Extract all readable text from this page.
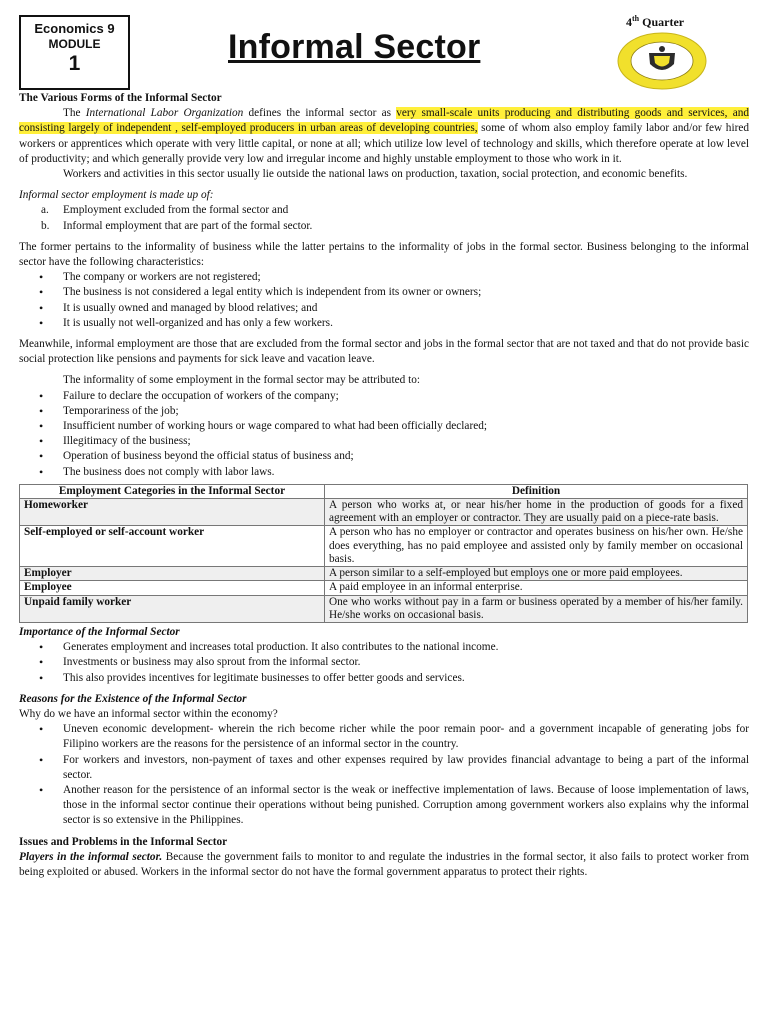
Economics 9
MODULE
1	Informal Sector
4th Quarter

The Various Forms of the Informal Sector

The International Labor Organization defines the informal sector as very small-scale units producing and distributing goods and services, and consisting largely of independent , self-employed producers in urban areas of developing countries, some of whom also employ family labor and/or few hired workers or apprentices which operate with very little capital, or none at all; which utilize low level of technology and skills, which therefore operate at low level of productivity; and which generally provide very low and irregular income and highly unstable employment to those who work in it.

Workers and activities in this sector usually lie outside the national laws on production, taxation, social protection, and economic benefits.

Informal sector employment is made up of:

a. Employment excluded from the formal sector and
b. Informal employment that are part of the formal sector.

The former pertains to the informality of business while the latter pertains to the informality of jobs in the formal sector. Business belonging to the informal sector have the following characteristics:

• The company or workers are not registered;
• The business is not considered a legal entity which is independent from its owner or owners;
• It is usually owned and managed by blood relatives; and
• It is usually not well-organized and has only a few workers.

Meanwhile, informal employment are those that are excluded from the formal sector and jobs in the formal sector that are not taxed and that do not provide basic social protection like pensions and payments for sick leave and vacation leave.

The informality of some employment in the formal sector may be attributed to:

• Failure to declare the occupation of workers of the company;
• Temporariness of the job;
• Insufficient number of working hours or wage compared to what had been officially declared;
• Illegitimacy of the business;
• Operation of business beyond the official status of business and;
• The business does not comply with labor laws.
Employment Categories in the Informal Sector	Definition
Homeworker	A person who works at, or near his/her home in the production of goods for a fixed agreement with an employer or contractor. They are usually paid on a piece-rate basis.
Self-employed or self-account worker	A person who has no employer or contractor and operates business on his/her own. He/she does everything, has no paid employee and assisted only by family member on occasional basis.
Employer	A person similar to a self-employed but employs one or more paid employees.
Employee	A paid employee in an informal enterprise.
Unpaid family worker	One who works without pay in a farm or business operated by a member of his/her family. He/she works on occasional basis.

Importance of the Informal Sector

• Generates employment and increases total production. It also contributes to the national income.
• Investments or business may also sprout from the informal sector.
• This also provides incentives for legitimate businesses to offer better goods and services.

Reasons for the Existence of the Informal Sector

Why do we have an informal sector within the economy?

• Uneven economic development- wherein the rich become richer while the poor remain poor- and a government incapable of generating jobs for Filipino workers are the reasons for the persistence of an informal sector in the country.
• For workers and investors, non-payment of taxes and other expenses required by law provides financial advantage to being a part of the informal sector.
• Another reason for the persistence of an informal sector is the weak or ineffective implementation of laws. Because of loose implementation of laws, those in the informal sector continue their operations without being punished. Corruption among government workers also explains why the informal sector is so extensive in the Philippines.

Issues and Problems in the Informal Sector

Players in the informal sector. Because the government fails to monitor to and regulate the industries in the formal sector, it also fails to protect worker from being exploited or abused. Workers in the informal sector do not have the formal government apparatus to protect their rights.
